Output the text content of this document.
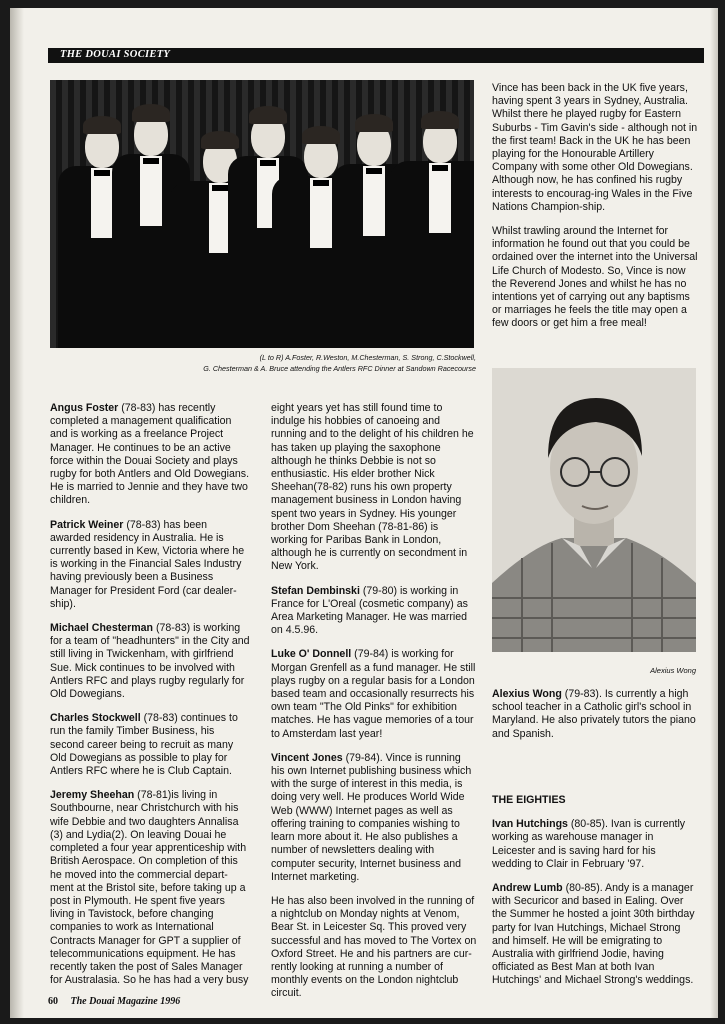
THE DOUAI SOCIETY
(L to R) A.Foster, R.Weston, M.Chesterman, S. Strong, C.Stockwell,
G. Chesterman & A. Bruce attending the Antlers RFC Dinner at Sandown Racecourse

Angus Foster (78-83) has recently completed a management qualification and is working as a freelance Project Manager. He continues to be an active force within the Douai Society and plays rugby for both Antlers and Old Dowegians. He is married to Jennie and they have two children.

Patrick Weiner (78-83) has been awarded residency in Australia. He is currently based in Kew, Victoria where he is working in the Financial Sales Industry having previously been a Business Manager for President Ford (car dealer-ship).

Michael Chesterman (78-83) is working for a team of "headhunters" in the City and still living in Twickenham, with girlfriend Sue. Mick continues to be involved with Antlers RFC and plays rugby regularly for Old Dowegians.

Charles Stockwell (78-83) continues to run the family Timber Business, his second career being to recruit as many Old Dowegians as possible to play for Antlers RFC where he is Club Captain.

Jeremy Sheehan (78-81)is living in Southbourne, near Christchurch with his wife Debbie and two daughters Annalisa (3) and Lydia(2). On leaving Douai he completed a four year apprenticeship with British Aerospace. On completion of this he moved into the commercial depart-ment at the Bristol site, before taking up a post in Plymouth. He spent five years living in Tavistock, before changing companies to work as International Contracts Manager for GPT a supplier of telecommunications equipment. He has recently taken the post of Sales Manager for Australasia. So he has had a very busy

eight years yet has still found time to indulge his hobbies of canoeing and running and to the delight of his children he has taken up playing the saxophone although he thinks Debbie is not so enthusiastic. His elder brother Nick Sheehan(78-82) runs his own property management business in London having spent two years in Sydney. His younger brother Dom Sheehan (78-81-86) is working for Paribas Bank in London, although he is currently on secondment in New York.

Stefan Dembinski (79-80) is working in France for L'Oreal (cosmetic company) as Area Marketing Manager. He was married on 4.5.96.

Luke O' Donnell (79-84) is working for Morgan Grenfell as a fund manager. He still plays rugby on a regular basis for a London based team and occasionally resurrects his own team "The Old Pinks" for exhibition matches. He has vague memories of a tour to Amsterdam last year!

Vincent Jones (79-84). Vince is running his own Internet publishing business which with the surge of interest in this media, is doing very well. He produces World Wide Web (WWW) Internet pages as well as offering training to companies wishing to learn more about it. He also publishes a number of newsletters dealing with computer security, Internet business and Internet marketing.

He has also been involved in the running of a nightclub on Monday nights at Venom, Bear St. in Leicester Sq. This proved very successful and has moved to The Vortex on Oxford Street. He and his partners are cur-rently looking at running a number of monthly events on the London nightclub circuit.

Vince has been back in the UK five years, having spent 3 years in Sydney, Australia. Whilst there he played rugby for Eastern Suburbs - Tim Gavin's side - although not in the first team! Back in the UK he has been playing for the Honourable Artillery Company with some other Old Dowegians. Although now, he has confined his rugby interests to encourag-ing Wales in the Five Nations Champion-ship.

Whilst trawling around the Internet for information he found out that you could be ordained over the internet into the Universal Life Church of Modesto. So, Vince is now the Reverend Jones and whilst he has no intentions yet of carrying out any baptisms or marriages he feels the title may open a few doors or get him a free meal!

Alexius Wong

Alexius Wong (79-83). Is currently a high school teacher in a Catholic girl's school in Maryland. He also privately tutors the piano and Spanish.

THE EIGHTIES

Ivan Hutchings (80-85). Ivan is currently working as warehouse manager in Leicester and is saving hard for his wedding to Clair in February '97.

Andrew Lumb (80-85). Andy is a manager with Securicor and based in Ealing. Over the Summer he hosted a joint 30th birthday party for Ivan Hutchings, Michael Strong and himself. He will be emigrating to Australia with girlfriend Jodie, having officiated as Best Man at both Ivan Hutchings' and Michael Strong's weddings.

60 The Douai Magazine 1996
